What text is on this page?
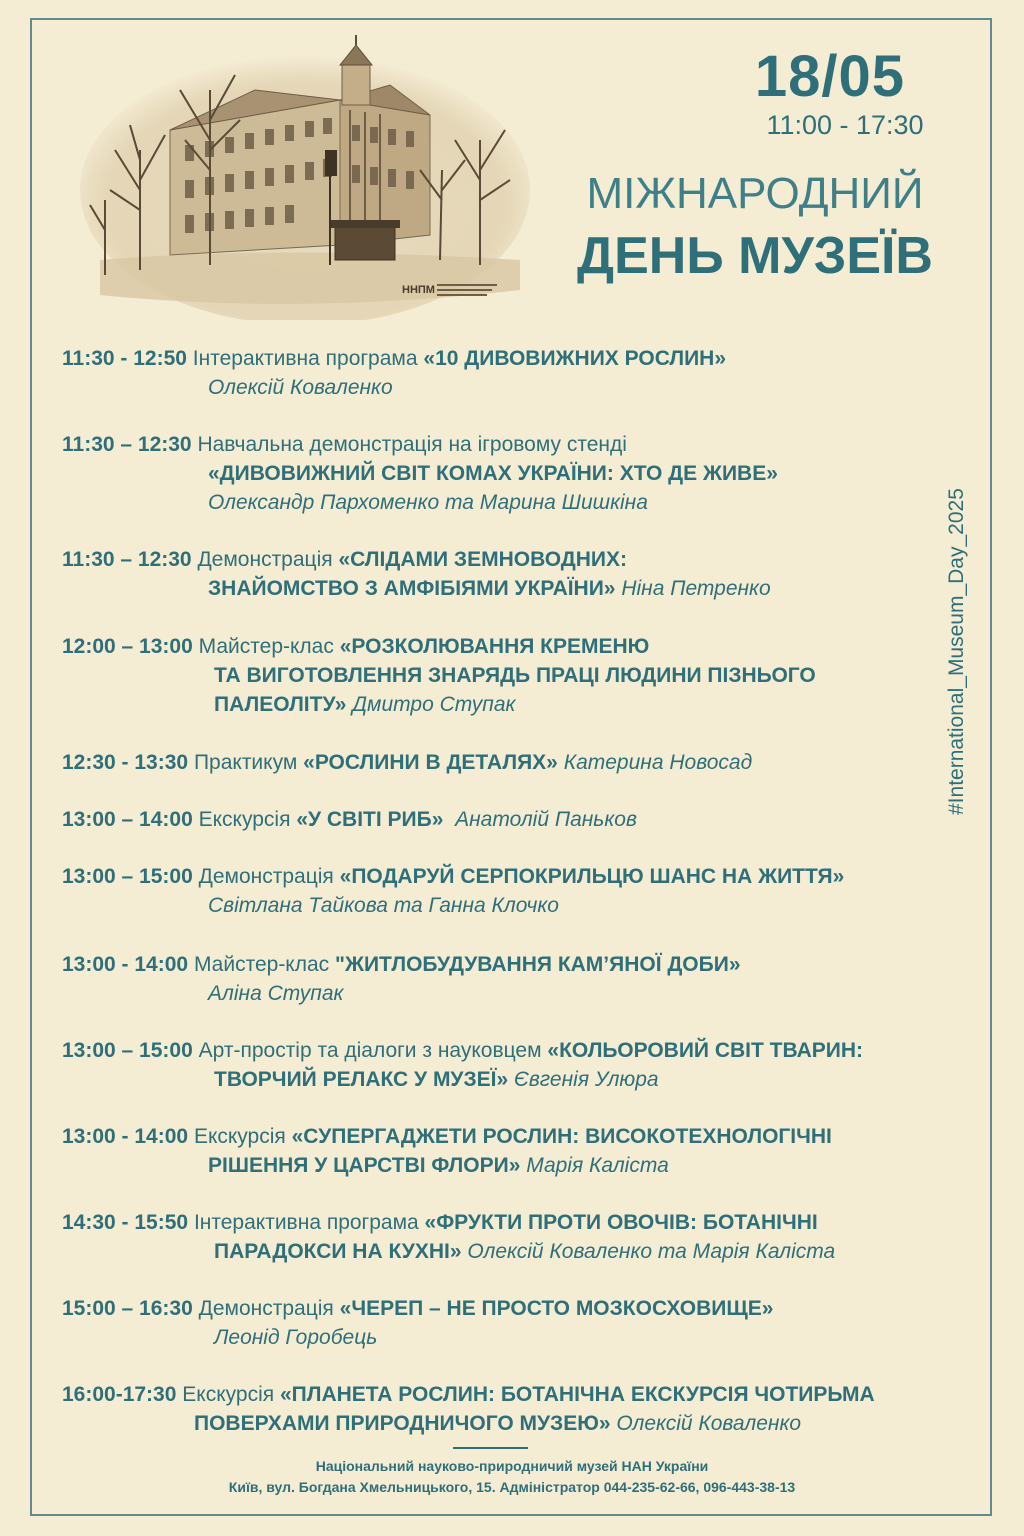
ННПМ
18/05
11:00 - 17:30
МІЖНАРОДНИЙ
ДЕНЬ МУЗЕЇВ
#International_Museum_Day_2025
11:30 - 12:50 Інтерактивна програма «10 ДИВОВИЖНИХ РОСЛИН»
Олексій Коваленко
11:30 – 12:30 Навчальна демонстрація на ігровому стенді
«ДИВОВИЖНИЙ СВІТ КОМАХ УКРАЇНИ: ХТО ДЕ ЖИВЕ»
Олександр Пархоменко та Марина Шишкіна
11:30 – 12:30 Демонстрація «СЛІДАМИ ЗЕМНОВОДНИХ:
ЗНАЙОМСТВО З АМФІБІЯМИ УКРАЇНИ» Ніна Петренко
12:00 – 13:00 Майстер-клас «РОЗКОЛЮВАННЯ КРЕМЕНЮ
ТА ВИГОТОВЛЕННЯ ЗНАРЯДЬ ПРАЦІ ЛЮДИНИ ПІЗНЬОГО
ПАЛЕОЛІТУ» Дмитро Ступак
12:30 - 13:30 Практикум «РОСЛИНИ В ДЕТАЛЯХ» Катерина Новосад
13:00 – 14:00 Екскурсія «У СВІТІ РИБ» Анатолій Паньков
13:00 – 15:00 Демонстрація «ПОДАРУЙ СЕРПОКРИЛЬЦЮ ШАНС НА ЖИТТЯ»
Світлана Тайкова та Ганна Клочко
13:00 - 14:00 Майстер-клас "ЖИТЛОБУДУВАННЯ КАМ’ЯНОЇ ДОБИ»
Аліна Ступак
13:00 – 15:00 Арт-простір та діалоги з науковцем «КОЛЬОРОВИЙ СВІТ ТВАРИН:
ТВОРЧИЙ РЕЛАКС У МУЗЕЇ» Євгенія Улюра
13:00 - 14:00 Екскурсія «СУПЕРГАДЖЕТИ РОСЛИН: ВИСОКОТЕХНОЛОГІЧНІ
РІШЕННЯ У ЦАРСТВІ ФЛОРИ» Марія Каліста
14:30 - 15:50 Інтерактивна програма «ФРУКТИ ПРОТИ ОВОЧІВ: БОТАНІЧНІ
ПАРАДОКСИ НА КУХНІ» Олексій Коваленко та Марія Каліста
15:00 – 16:30 Демонстрація «ЧЕРЕП – НЕ ПРОСТО МОЗКОСХОВИЩЕ»
Леонід Горобець
16:00-17:30 Екскурсія «ПЛАНЕТА РОСЛИН: БОТАНІЧНА ЕКСКУРСІЯ ЧОТИРЬМА
ПОВЕРХАМИ ПРИРОДНИЧОГО МУЗЕЮ» Олексій Коваленко
Національний науково-природничий музей НАН України
Київ, вул. Богдана Хмельницького, 15. Адміністратор 044-235-62-66, 096-443-38-13
